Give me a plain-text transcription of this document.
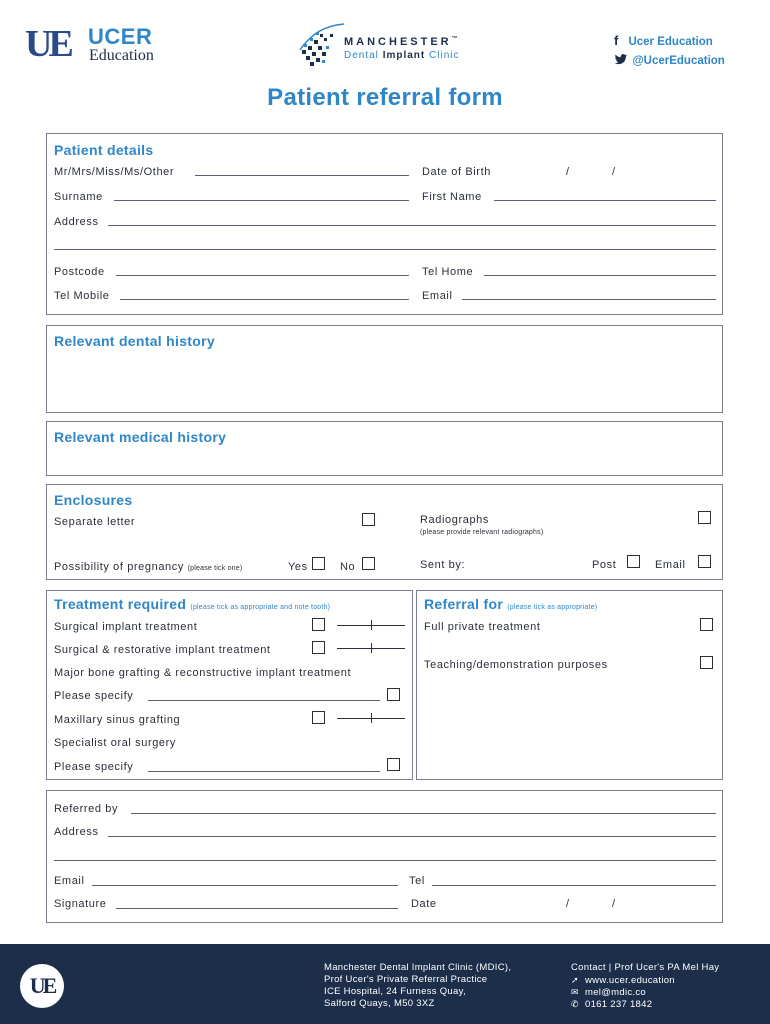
UE UCER
Education
MANCHESTER™
Dental Implant Clinic
f Ucer Education
@UcerEducation
Patient referral form
Patient details
Mr/Mrs/Miss/Ms/Other	Date of Birth	/	/
Surname	First Name
Address
Postcode	Tel Home
Tel Mobile	Email
Relevant dental history
Relevant medical history
Enclosures
Separate letter	Radiographs
(please provide relevant radiographs)
Possibility of pregnancy (please tick one)	Yes	No	Sent by:	Post	Email
Treatment required (please tick as appropriate and note tooth)
Surgical implant treatment
Surgical & restorative implant treatment
Major bone grafting & reconstructive implant treatment
Please specify
Maxillary sinus grafting
Specialist oral surgery
Please specify
Referral for (please tick as appropriate)
Full private treatment
Teaching/demonstration purposes
Referred by
Address
Email	Tel
Signature	Date	/	/
UE
Manchester Dental Implant Clinic (MDIC),
Prof Ucer's Private Referral Practice
ICE Hospital, 24 Furness Quay,
Salford Quays, M50 3XZ
Contact | Prof Ucer's PA Mel Hay
➚ www.ucer.education
✉ mel@mdic.co
✆ 0161 237 1842
